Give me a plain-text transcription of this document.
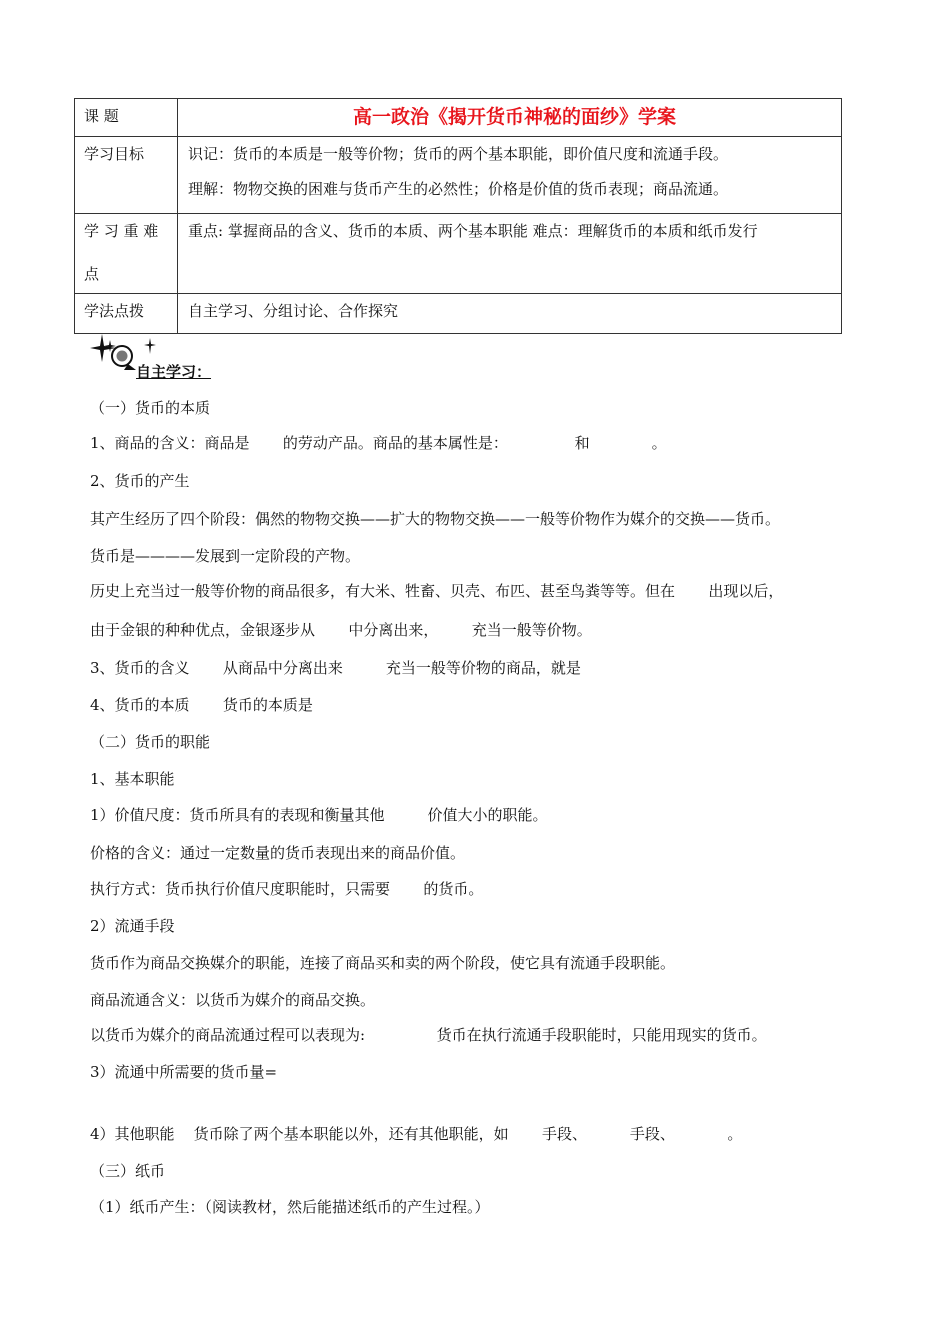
课 题	高一政治《揭开货币神秘的面纱》学案

学习目标	识记：货币的本质是一般等价物；货币的两个基本职能，即价值尺度和流通手段。
理解：物物交换的困难与货币产生的必然性；价格是价值的货币表现；商品流通。

学 习 重 难
点	重点: 掌握商品的含义、货币的本质、两个基本职能 难点：理解货币的本质和纸币发行

学法点拨	自主学习、分组讨论、合作探究
自主学习：
（一）货币的本质
1、商品的含义：商品是       的劳动产品。商品的基本属性是：              和             。
2、货币的产生
其产生经历了四个阶段：偶然的物物交换——扩大的物物交换——一般等价物作为媒介的交换——货币。
货币是————发展到一定阶段的产物。
历史上充当过一般等价物的商品很多，有大米、牲畜、贝壳、布匹、甚至鸟粪等等。但在       出现以后，
由于金银的种种优点，金银逐步从       中分离出来，       充当一般等价物。
3、货币的含义       从商品中分离出来         充当一般等价物的商品，就是
4、货币的本质       货币的本质是
（二）货币的职能
1、基本职能
1）价值尺度：货币所具有的表现和衡量其他         价值大小的职能。
价格的含义：通过一定数量的货币表现出来的商品价值。
执行方式：货币执行价值尺度职能时，只需要       的货币。
2）流通手段
货币作为商品交换媒介的职能，连接了商品买和卖的两个阶段，使它具有流通手段职能。
商品流通含义：以货币为媒介的商品交换。
以货币为媒介的商品流通过程可以表现为:               货币在执行流通手段职能时，只能用现实的货币。
3）流通中所需要的货币量=
4）其他职能    货币除了两个基本职能以外，还有其他职能，如       手段、         手段、           。
（三）纸币
（1）纸币产生：（阅读教材，然后能描述纸币的产生过程。）
